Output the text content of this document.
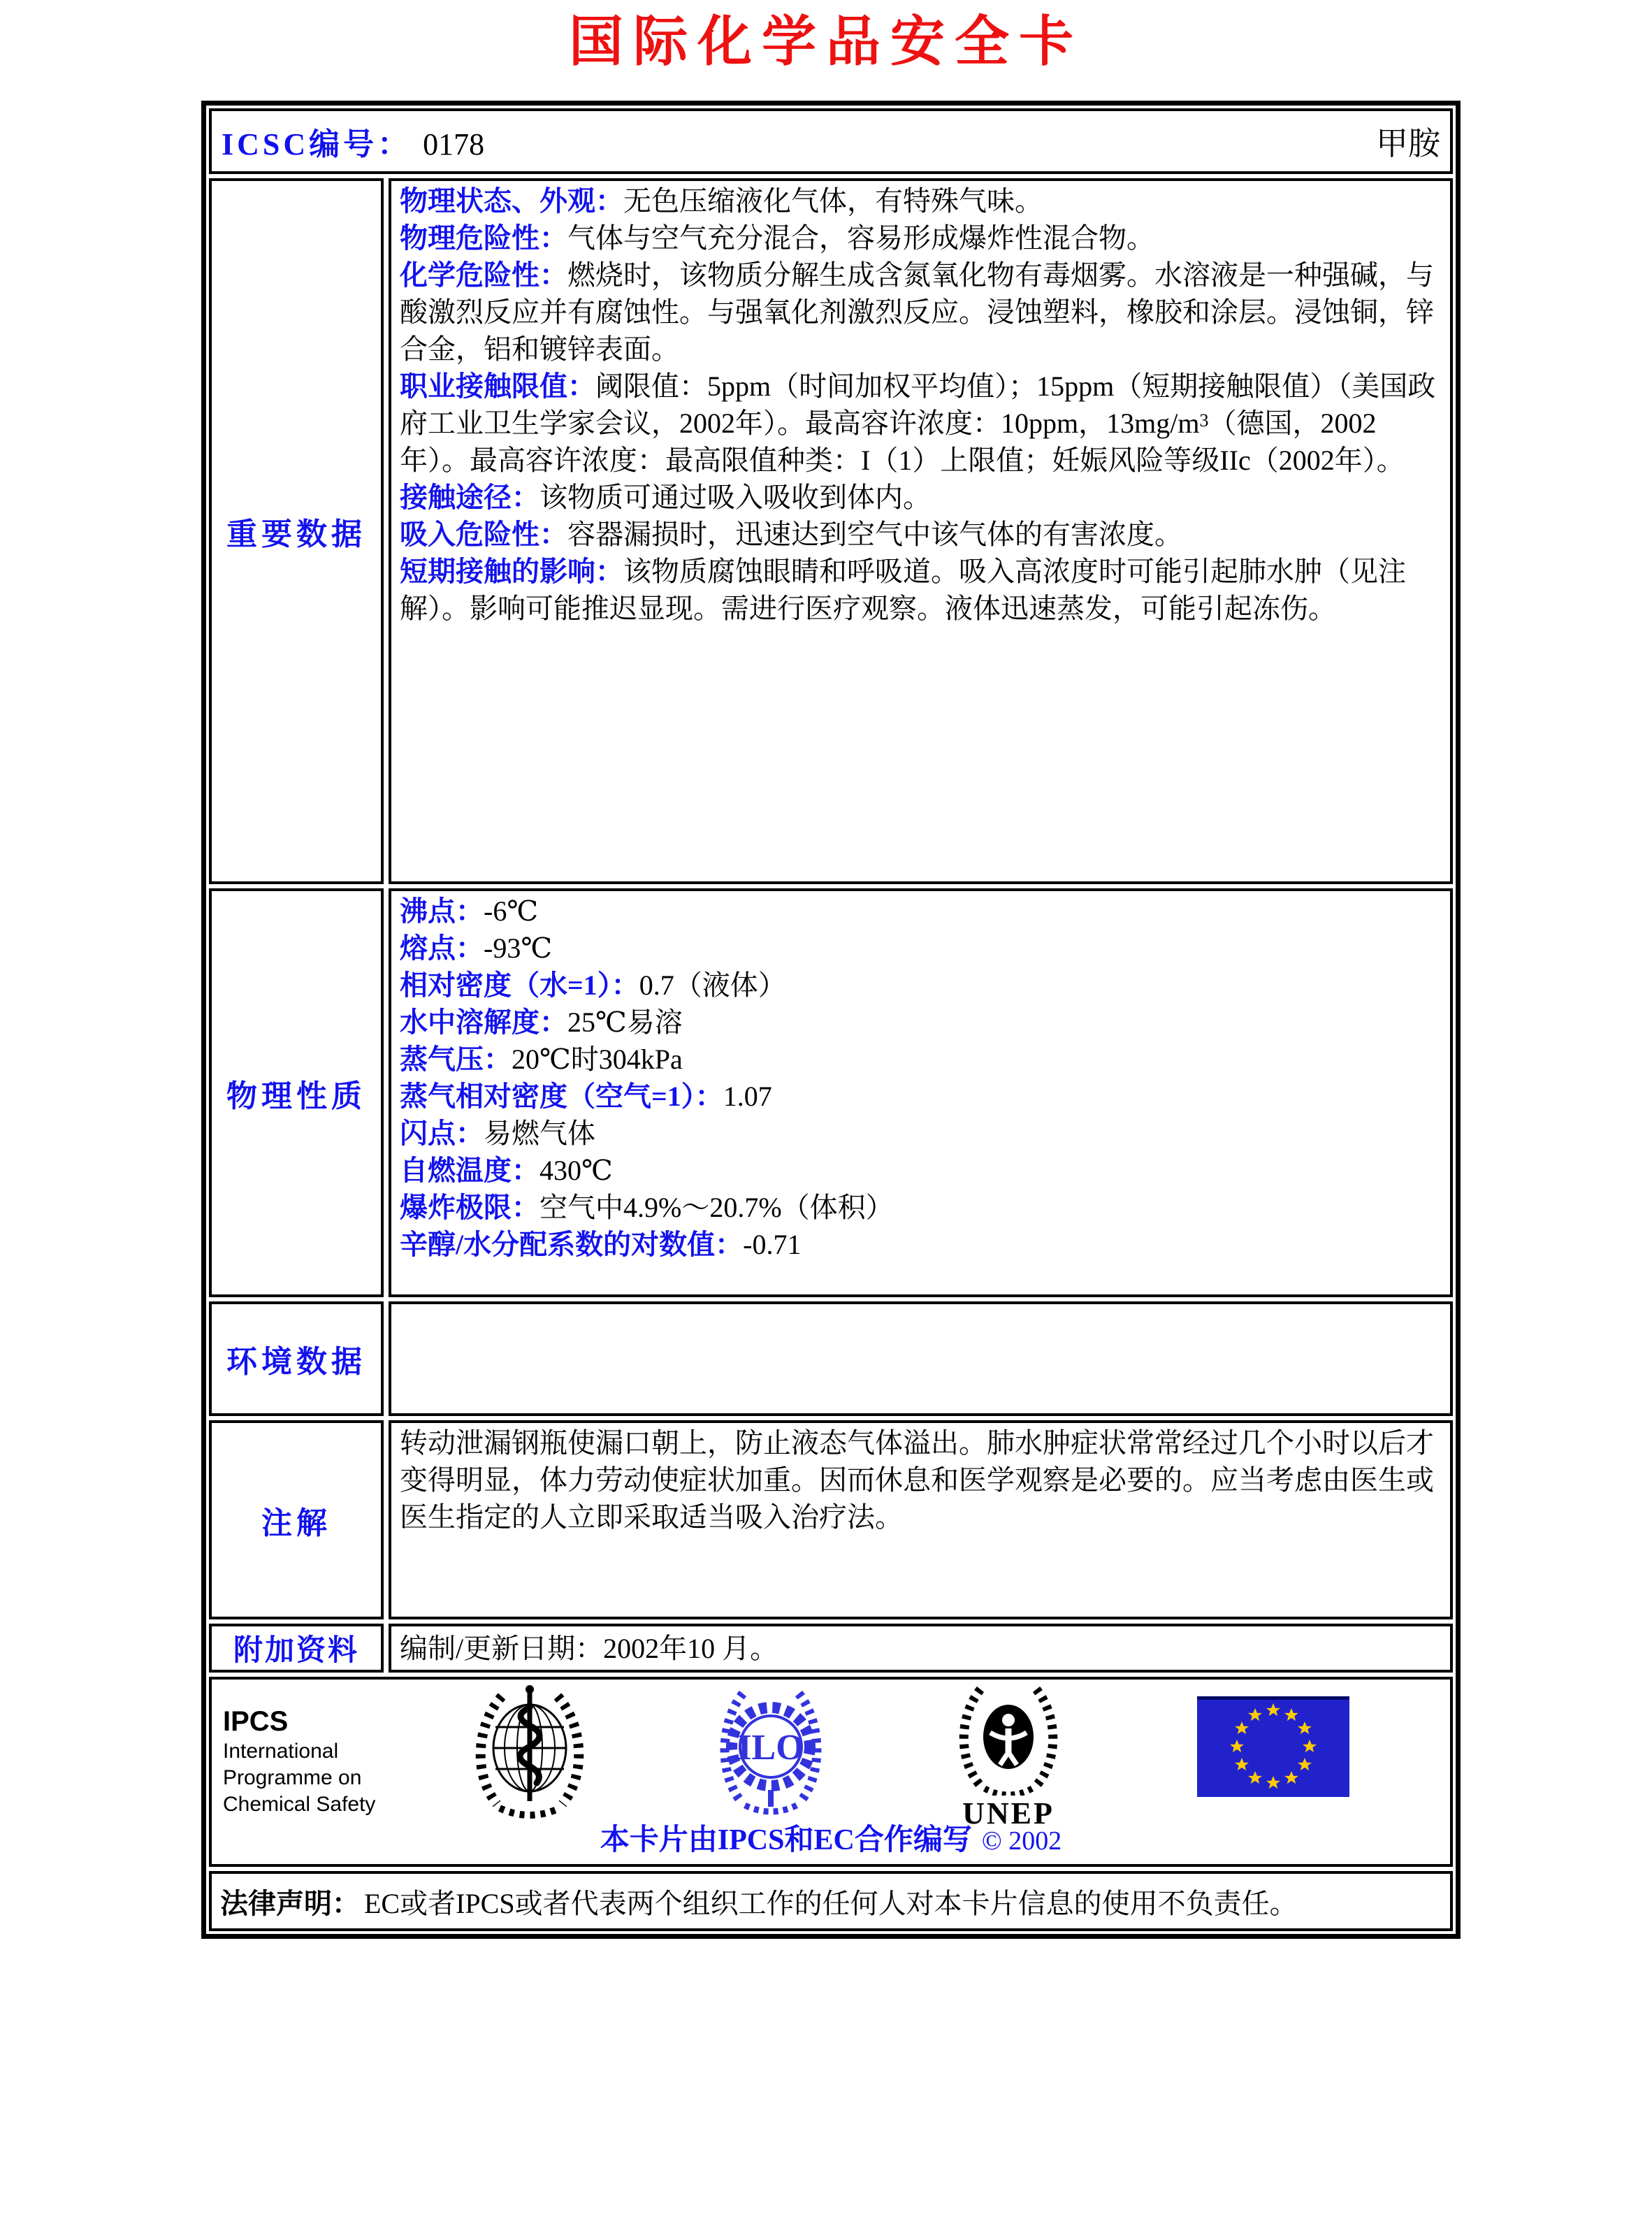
国际化学品安全卡
ICSC编号： 0178	甲胺
重要数据

物理状态、外观：无色压缩液化气体，有特殊气味。

物理危险性：气体与空气充分混合，容易形成爆炸性混合物。

化学危险性：燃烧时，该物质分解生成含氮氧化物有毒烟雾。水溶液是一种强碱，与酸激烈反应并有腐蚀性。与强氧化剂激烈反应。浸蚀塑料，橡胶和涂层。浸蚀铜，锌合金，铝和镀锌表面。

职业接触限值：阈限值：5ppm（时间加权平均值）；15ppm（短期接触限值）（美国政府工业卫生学家会议，2002年）。最高容许浓度：10ppm，$13mg/m^3$（德国，2002年）。最高容许浓度：最高限值种类：I（1）上限值；妊娠风险等级IIc（2002年）。

接触途径：该物质可通过吸入吸收到体内。

吸入危险性：容器漏损时，迅速达到空气中该气体的有害浓度。

短期接触的影响：该物质腐蚀眼睛和呼吸道。吸入高浓度时可能引起肺水肿（见注解）。影响可能推迟显现。需进行医疗观察。液体迅速蒸发，可能引起冻伤。

物理性质

沸点：-6℃

熔点：-93℃

相对密度（水=1）：0.7（液体）

水中溶解度：25℃易溶

蒸气压：20℃时304kPa

蒸气相对密度（空气=1）：1.07

闪点：易燃气体

自燃温度：430℃

爆炸极限：空气中4.9%～20.7%（体积）

辛醇/水分配系数的对数值：-0.71

环境数据
注解

转动泄漏钢瓶使漏口朝上，防止液态气体溢出。肺水肿症状常常经过几个小时以后才变得明显，体力劳动使症状加重。因而休息和医学观察是必要的。应当考虑由医生或医生指定的人立即采取适当吸入治疗法。

附加资料	编制/更新日期：2002年10 月。

IPCS
International
Programme on
Chemical Safety
ILO
UNEP
本卡片由IPCS和EC合作编写 © 2002
法律声明： EC或者IPCS或者代表两个组织工作的任何人对本卡片信息的使用不负责任。
